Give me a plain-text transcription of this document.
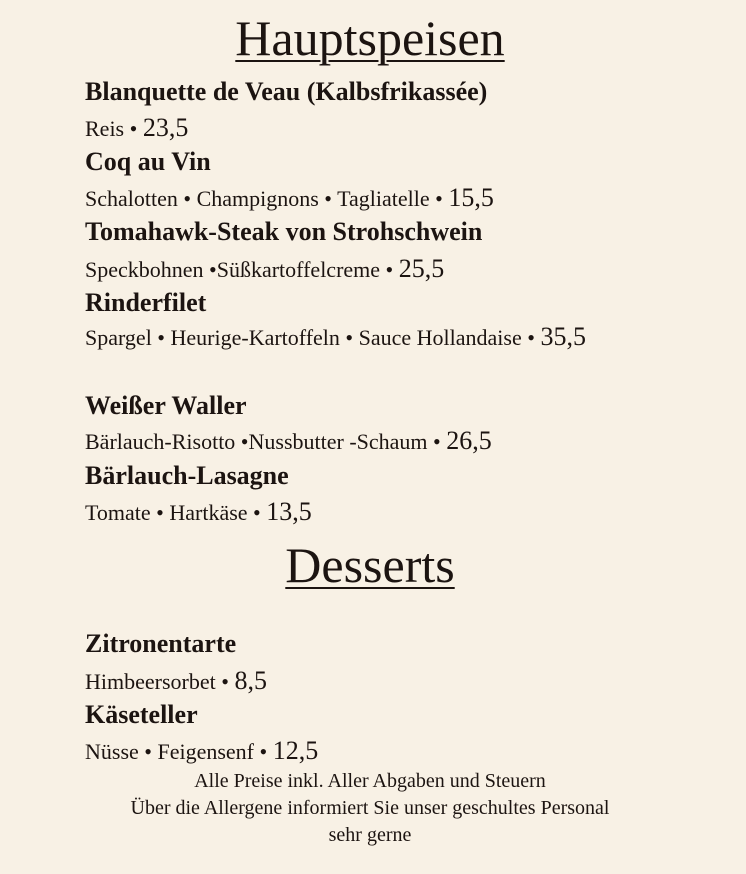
Hauptspeisen

Blanquette de Veau (Kalbsfrikassée)

Reis • 23,5

Coq au Vin

Schalotten • Champignons • Tagliatelle • 15,5

Tomahawk-Steak von Strohschwein

Speckbohnen •Süßkartoffelcreme • 25,5

Rinderfilet

Spargel • Heurige-Kartoffeln • Sauce Hollandaise • 35,5

Weißer Waller

Bärlauch-Risotto •Nussbutter -Schaum • 26,5

Bärlauch-Lasagne

Tomate • Hartkäse • 13,5

Desserts

Zitronentarte

Himbeersorbet • 8,5

Käseteller

Nüsse • Feigensenf • 12,5

Alle Preise inkl. Aller Abgaben und Steuern

Über die Allergene informiert Sie unser geschultes Personal

sehr gerne
